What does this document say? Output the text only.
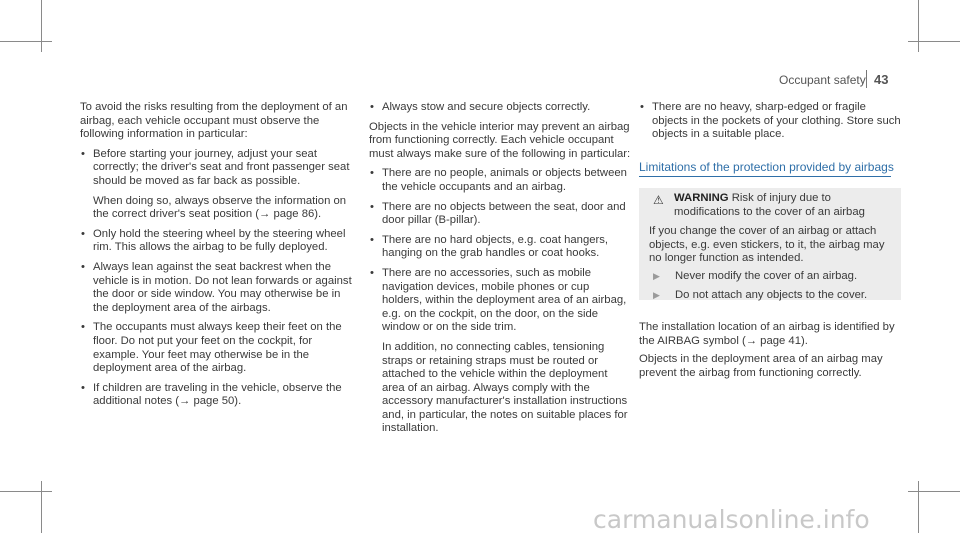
Occupant safety 43

To avoid the risks resulting from the deployment of an airbag, each vehicle occupant must observe the following information in particular:

• Before starting your journey, adjust your seat correctly; the driver's seat and front passenger seat should be moved as far back as possible.

When doing so, always observe the information on the correct driver's seat position (→ page 86).

• Only hold the steering wheel by the steering wheel rim. This allows the airbag to be fully deployed.

• Always lean against the seat backrest when the vehicle is in motion. Do not lean forwards or against the door or side window. You may otherwise be in the deployment area of the airbags.

• The occupants must always keep their feet on the floor. Do not put your feet on the cockpit, for example. Your feet may otherwise be in the deployment area of the airbag.

• If children are traveling in the vehicle, observe the additional notes (→ page 50).

• Always stow and secure objects correctly.

Objects in the vehicle interior may prevent an airbag from functioning correctly. Each vehicle occupant must always make sure of the following in particular:

• There are no people, animals or objects between the vehicle occupants and an airbag.

• There are no objects between the seat, door and door pillar (B-pillar).

• There are no hard objects, e.g. coat hangers, hanging on the grab handles or coat hooks.

• There are no accessories, such as mobile navigation devices, mobile phones or cup holders, within the deployment area of an airbag, e.g. on the cockpit, on the door, on the side window or on the side trim.

In addition, no connecting cables, tensioning straps or retaining straps must be routed or attached to the vehicle within the deployment area of an airbag. Always comply with the accessory manufacturer's installation instructions and, in particular, the notes on suitable places for installation.

• There are no heavy, sharp-edged or fragile objects in the pockets of your clothing. Store such objects in a suitable place.

Limitations of the protection provided by airbags
⚠ WARNING Risk of injury due to modifications to the cover of an airbag
If you change the cover of an airbag or attach objects, e.g. even stickers, to it, the airbag may no longer function as intended.
▶ Never modify the cover of an airbag.
▶ Do not attach any objects to the cover.

The installation location of an airbag is identified by the AIRBAG symbol (→ page 41).

Objects in the deployment area of an airbag may prevent the airbag from functioning correctly.

carmanualsonline.info
